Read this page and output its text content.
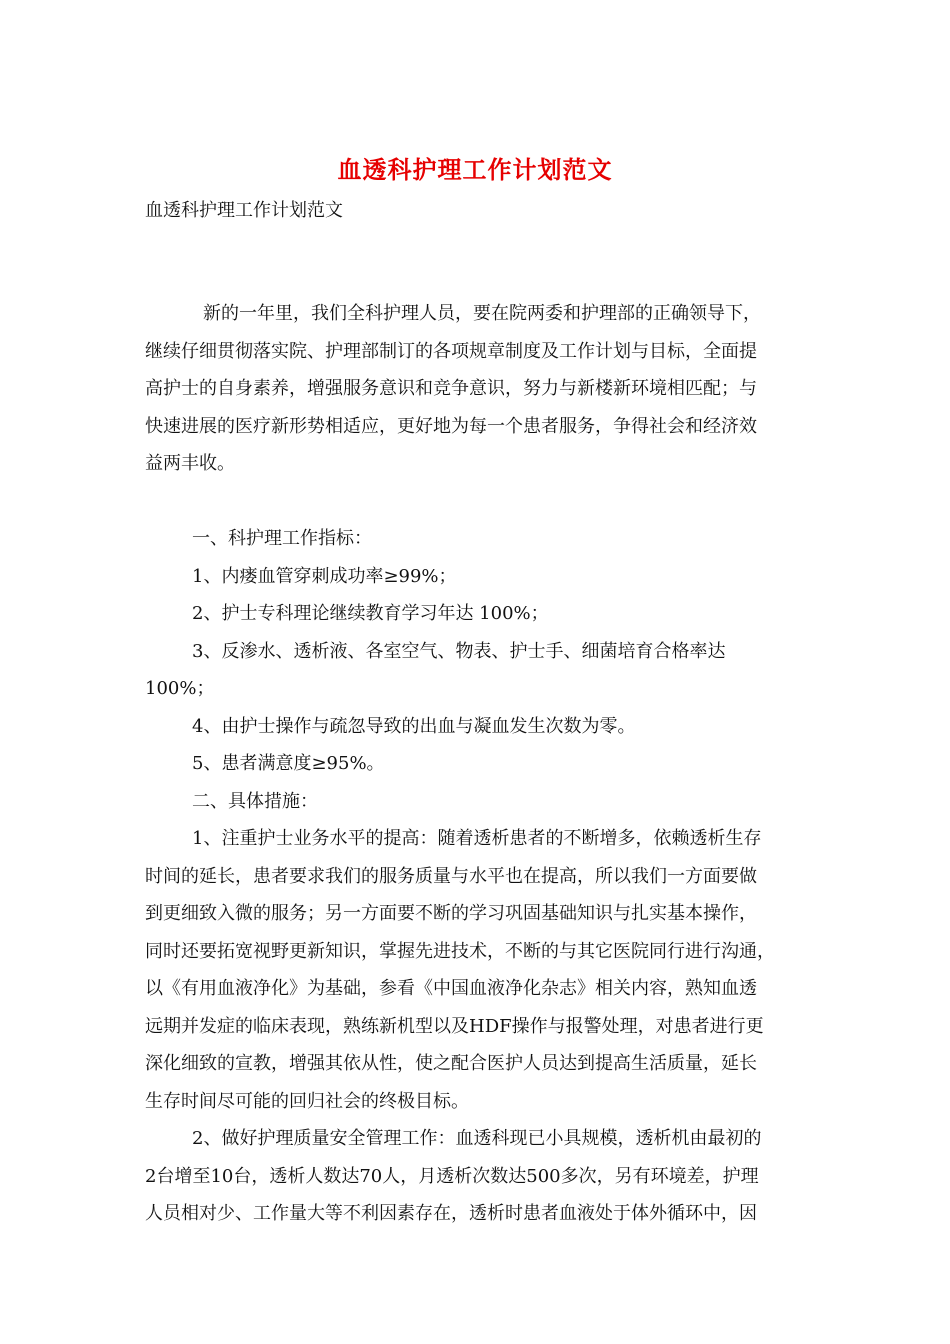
血透科护理工作计划范文
血透科护理工作计划范文

新的一年里，我们全科护理人员，要在院两委和护理部的正确领导下，

继续仔细贯彻落实院、护理部制订的各项规章制度及工作计划与目标，全面提

高护士的自身素养，增强服务意识和竞争意识，努力与新楼新环境相匹配；与

快速进展的医疗新形势相适应，更好地为每一个患者服务，争得社会和经济效

益两丰收。

一、科护理工作指标：

1、内瘘血管穿刺成功率≥99%；

2、护士专科理论继续教育学习年达 100%；

3、反渗水、透析液、各室空气、物表、护士手、细菌培育合格率达

100%；

4、由护士操作与疏忽导致的出血与凝血发生次数为零。

5、患者满意度≥95%。

二、具体措施：

1、注重护士业务水平的提高：随着透析患者的不断增多，依赖透析生存

时间的延长，患者要求我们的服务质量与水平也在提高，所以我们一方面要做

到更细致入微的服务；另一方面要不断的学习巩固基础知识与扎实基本操作，

同时还要拓宽视野更新知识，掌握先进技术，不断的与其它医院同行进行沟通，

以《有用血液净化》为基础，参看《中国血液净化杂志》相关内容，熟知血透

远期并发症的临床表现，熟练新机型以及HDF操作与报警处理，对患者进行更

深化细致的宣教，增强其依从性，使之配合医护人员达到提高生活质量，延长

生存时间尽可能的回归社会的终极目标。

2、做好护理质量安全管理工作：血透科现已小具规模，透析机由最初的

2台增至10台，透析人数达70人，月透析次数达500多次，另有环境差，护理

人员相对少、工作量大等不利因素存在，透析时患者血液处于体外循环中，因
